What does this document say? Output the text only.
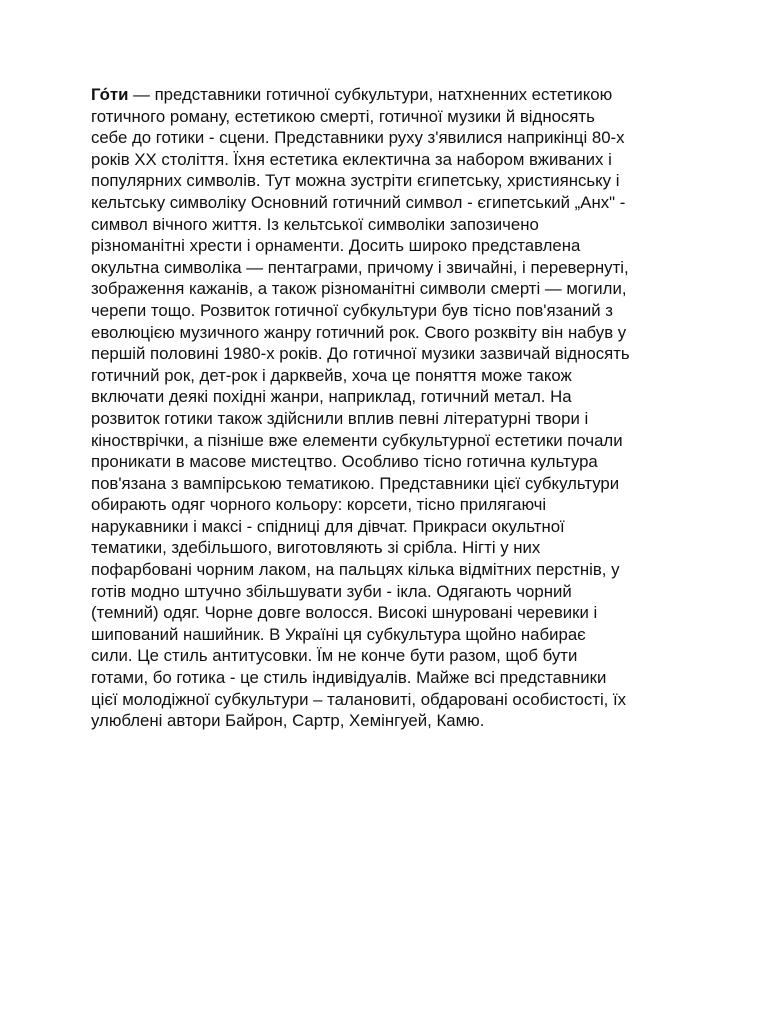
Го́ти — представники готичної субкультури, натхненних естетикою
готичного роману, естетикою смерті, готичної музики й відносять
себе до готики - сцени. Представники руху з'явилися наприкінці 80-х
років XX століття. Їхня естетика еклектична за набором вживаних і
популярних символів. Тут можна зустріти єгипетську, християнську і
кельтську символіку Основний готичний символ - єгипетський „Анх" -
символ вічного життя. Із кельтської символіки запозичено
різноманітні хрести і орнаменти. Досить широко представлена
окультна символіка — пентаграми, причому і звичайні, і перевернуті,
зображення кажанів, а також різноманітні символи смерті — могили,
черепи тощо. Розвиток готичної субкультури був тісно пов'язаний з
еволюцією музичного жанру готичний рок. Свого розквіту він набув у
першій половині 1980-х років. До готичної музики зазвичай відносять
готичний рок, дет-рок і дарквейв, хоча це поняття може також
включати деякі похідні жанри, наприклад, готичний метал. На
розвиток готики також здійснили вплив певні літературні твори і
кіностврічки, а пізніше вже елементи субкультурної естетики почали
проникати в масове мистецтво. Особливо тісно готична культура
пов'язана з вампірською тематикою. Представники цієї субкультури
обирають одяг чорного кольору: корсети, тісно прилягаючі
нарукавники і максі - спідниці для дівчат. Прикраси окультної
тематики, здебільшого, виготовляють зі срібла. Нігті у них
пофарбовані чорним лаком, на пальцях кілька відмітних перстнів, у
готів модно штучно збільшувати зуби - ікла. Одягають чорний
(темний) одяг. Чорне довге волосся. Високі шнуровані черевики і
шипований нашийник. В Україні ця субкультура щойно набирає
сили. Це стиль антитусовки. Їм не конче бути разом, щоб бути
готами, бо готика - це стиль індивідуалів. Майже всі представники
цієї молодіжної субкультури – талановиті, обдаровані особистості, їх
улюблені автори Байрон, Сартр, Хемінгуей, Камю.
